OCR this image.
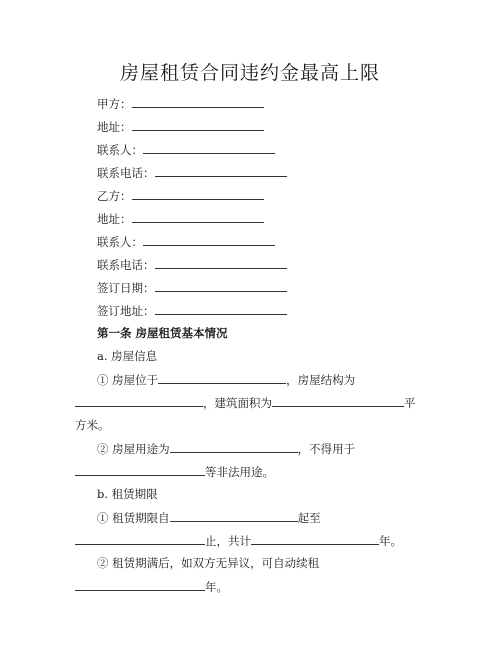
房屋租赁合同违约金最高上限
甲方：
地址：
联系人：
联系电话：
乙方：
地址：
联系人：
联系电话：
签订日期：
签订地址：
第一条 房屋租赁基本情况
a. 房屋信息
① 房屋位于	，房屋结构为
，建筑面积为	平
方米。
② 房屋用途为	，不得用于
等非法用途。
b. 租赁期限
① 租赁期限自	起至
止，共计	年。
② 租赁期满后，如双方无异议，可自动续租
年。
